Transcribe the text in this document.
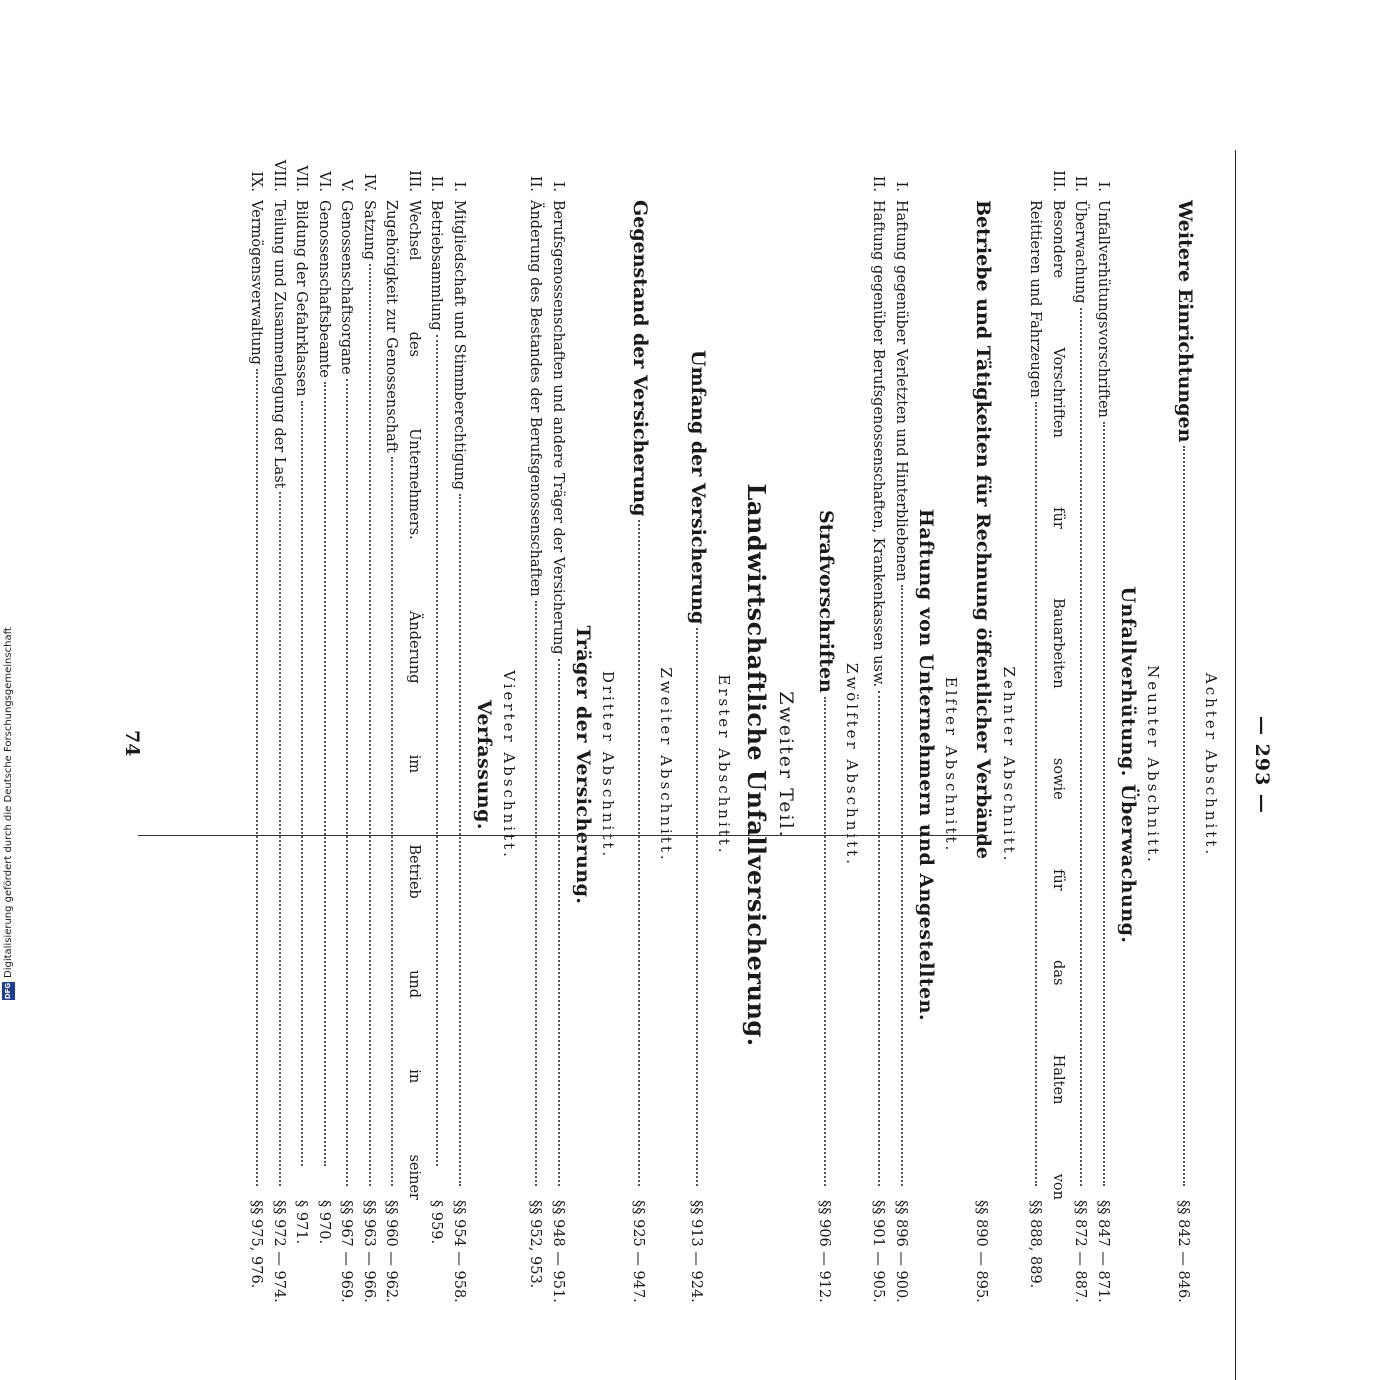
— 293 —
Achter Abschnitt.
Weitere Einrichtungen
§§ 842 — 846.
Neunter Abschnitt.
Unfallverhütung. Überwachung.
I.
Unfallverhütungsvorschriften
§§ 847 — 871.
II.
Überwachung
§§ 872 — 887.
III.
Besondere Vorschriften für Bauarbeiten sowie für das Halten von
Reittieren und Fahrzeugen
§§ 888, 889.
Zehnter Abschnitt.
Betriebe und Tätigkeiten für Rechnung öffentlicher Verbände
§§ 890 — 895.
Elfter Abschnitt.
Haftung von Unternehmern und Angestellten.
I.
Haftung gegenüber Verletzten und Hinterbliebenen
§§ 896 — 900.
II.
Haftung gegenüber Berufsgenossenschaften, Krankenkassen usw.
§§ 901 — 905.
Zwölfter Abschnitt.
Strafvorschriften
§§ 906 — 912.
Zweiter Teil.
Landwirtschaftliche Unfallversicherung.
Erster Abschnitt.
Umfang der Versicherung
§§ 913 — 924.
Zweiter Abschnitt.
Gegenstand der Versicherung
§§ 925 — 947.
Dritter Abschnitt.
Träger der Versicherung.
I.
Berufsgenossenschaften und andere Träger der Versicherung
§§ 948 — 951.
II.
Änderung des Bestandes der Berufsgenossenschaften
§§ 952, 953.
Vierter Abschnitt.
Verfassung.
I.
Mitgliedschaft und Stimmberechtigung
§§ 954 — 958.
II.
Betriebsammlung
§ 959.
III.
Wechsel des Unternehmers. Änderung im Betrieb und in seiner
Zugehörigkeit zur Genossenschaft
§§ 960 — 962.
IV.
Satzung
§§ 963 — 966.
V.
Genossenschaftsorgane
§§ 967 — 969.
VI.
Genossenschaftsbeamte
§ 970.
VII.
Bildung der Gefahrklassen
§ 971.
VIII.
Teilung und Zusammenlegung der Last
§§ 972 — 974.
IX.
Vermögensverwaltung
§§ 975, 976.
74
DFG
Digitalisierung gefördert durch die Deutsche Forschungsgemeinschaft
